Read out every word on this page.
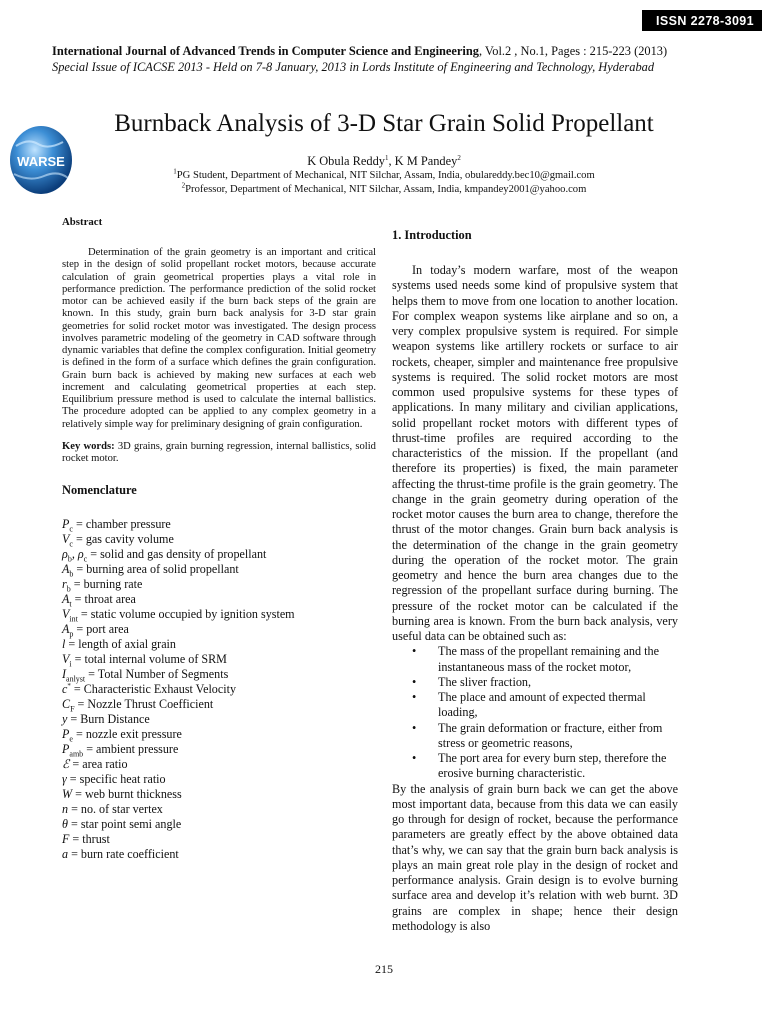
ISSN 2278-3091
International Journal of Advanced Trends in Computer Science and Engineering, Vol.2 , No.1, Pages : 215-223 (2013)
Special Issue of ICACSE 2013 - Held on 7-8 January, 2013 in Lords Institute of Engineering and Technology, Hyderabad
WARSE
Burnback Analysis of 3-D Star Grain Solid Propellant
K Obula Reddy$^1$, K M Pandey$^2$
$^1$PG Student, Department of Mechanical, NIT Silchar, Assam, India, obulareddy.bec10@gmail.com
$^2$Professor, Department of Mechanical, NIT Silchar, Assam, India, kmpandey2001@yahoo.com
Abstract

Determination of the grain geometry is an important and critical step in the design of solid propellant rocket motors, because accurate calculation of grain geometrical properties plays a vital role in performance prediction. The performance prediction of the solid rocket motor can be achieved easily if the burn back steps of the grain are known. In this study, grain burn back analysis for 3-D star grain geometries for solid rocket motor was investigated. The design process involves parametric modeling of the geometry in CAD software through dynamic variables that define the complex configuration. Initial geometry is defined in the form of a surface which defines the grain configuration. Grain burn back is achieved by making new surfaces at each web increment and calculating geometrical properties at each step. Equilibrium pressure method is used to calculate the internal ballistics. The procedure adopted can be applied to any complex geometry in a relatively simple way for preliminary designing of grain configuration.

Key words: 3D grains, grain burning regression, internal ballistics, solid rocket motor.

Nomenclature
$P_c$ = chamber pressure
$V_c$ = gas cavity volume
$\rho_b$, $\rho_c$ = solid and gas density of propellant
$A_b$ = burning area of solid propellant
$r_b$ = burning rate
$A_t$ = throat area
$V_{int}$ = static volume occupied by ignition system
$A_p$ = port area
l = length of axial grain
$V_i$ = total internal volume of SRM
$I_{anlyst}$ = Total Number of Segments
c* = Characteristic Exhaust Velocity
$C_F$ = Nozzle Thrust Coefficient
y = Burn Distance
$P_e$ = nozzle exit pressure
$P_{amb}$ = ambient pressure
ℰ = area ratio
γ = specific heat ratio
W = web burnt thickness
n = no. of star vertex
θ = star point semi angle
F = thrust
a = burn rate coefficient
1. Introduction

In today’s modern warfare, most of the weapon systems used needs some kind of propulsive system that helps them to move from one location to another location. For complex weapon systems like airplane and so on, a very complex propulsive system is required. For simple weapon systems like artillery rockets or surface to air rockets, cheaper, simpler and maintenance free propulsive systems is required. The solid rocket motors are most common used propulsive systems for these types of applications. In many military and civilian applications, solid propellant rocket motors with different types of thrust-time profiles are required according to the characteristics of the mission. If the propellant (and therefore its properties) is fixed, the main parameter affecting the thrust-time profile is the grain geometry. The change in the grain geometry during operation of the rocket motor causes the burn area to change, therefore the thrust of the motor changes. Grain burn back analysis is the determination of the change in the grain geometry during the operation of the rocket motor. The grain geometry and hence the burn area changes due to the regression of the propellant surface during burning. The pressure of the rocket motor can be calculated if the burning area is known. From the burn back analysis, very useful data can be obtained such as:

• The mass of the propellant remaining and the instantaneous mass of the rocket motor,
• The sliver fraction,
• The place and amount of expected thermal loading,
• The grain deformation or fracture, either from stress or geometric reasons,
• The port area for every burn step, therefore the erosive burning characteristic.

By the analysis of grain burn back we can get the above most important data, because from this data we can easily go through for design of rocket, because the performance parameters are greatly effect by the above obtained data that’s why, we can say that the grain burn back analysis is plays an main great role play in the design of rocket and performance analysis. Grain design is to evolve burning surface area and develop it’s relation with web burnt. 3D grains are complex in shape; hence their design methodology is also

215
